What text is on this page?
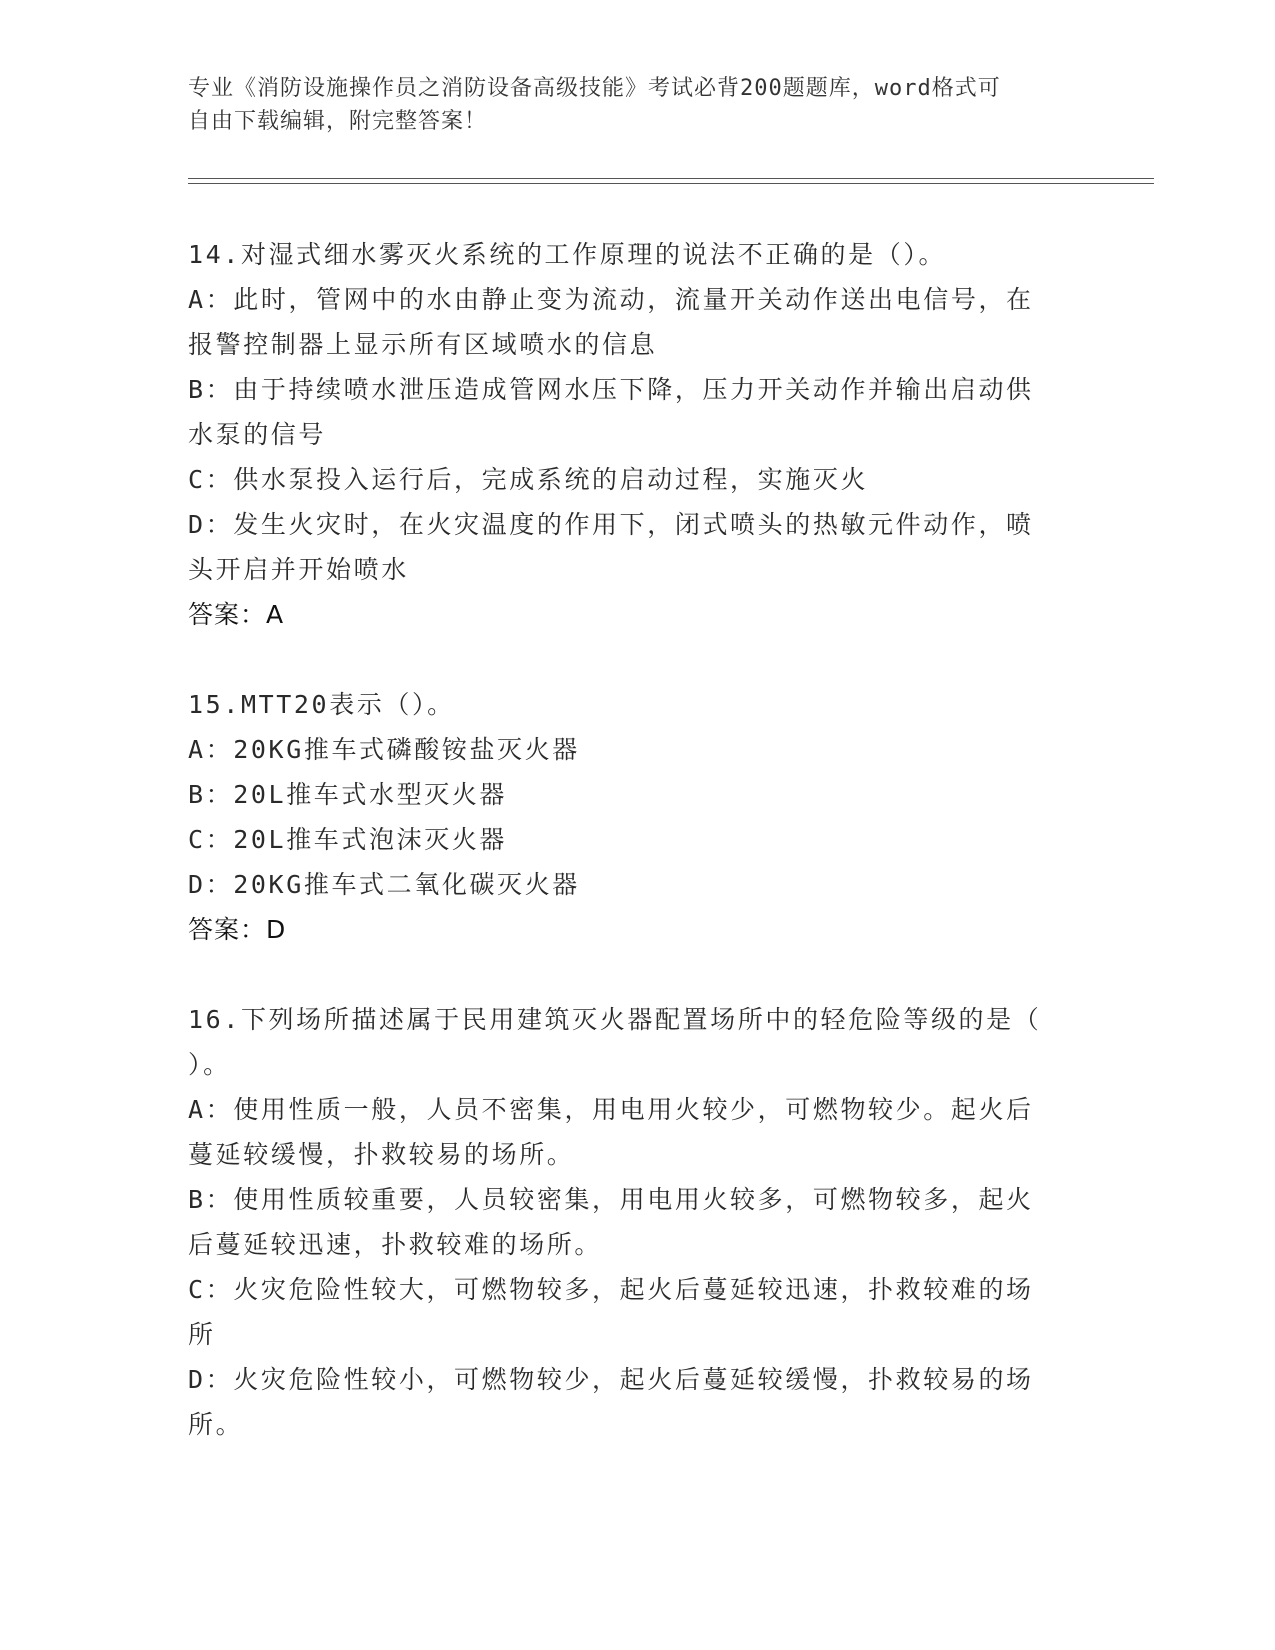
专业《消防设施操作员之消防设备高级技能》考试必背200题题库，word格式可
自由下载编辑，附完整答案！
14.对湿式细水雾灭火系统的工作原理的说法不正确的是（）。
A：此时，管网中的水由静止变为流动，流量开关动作送出电信号，在
报警控制器上显示所有区域喷水的信息
B：由于持续喷水泄压造成管网水压下降，压力开关动作并输出启动供
水泵的信号
C：供水泵投入运行后，完成系统的启动过程，实施灭火
D：发生火灾时，在火灾温度的作用下，闭式喷头的热敏元件动作，喷
头开启并开始喷水
答案：A
15.MTT20表示（）。
A：20KG推车式磷酸铵盐灭火器
B：20L推车式水型灭火器
C：20L推车式泡沫灭火器
D：20KG推车式二氧化碳灭火器
答案：D
16.下列场所描述属于民用建筑灭火器配置场所中的轻危险等级的是（
）。
A：使用性质一般，人员不密集，用电用火较少，可燃物较少。起火后
蔓延较缓慢，扑救较易的场所。
B：使用性质较重要，人员较密集，用电用火较多，可燃物较多，起火
后蔓延较迅速，扑救较难的场所。
C：火灾危险性较大，可燃物较多，起火后蔓延较迅速，扑救较难的场
所
D：火灾危险性较小，可燃物较少，起火后蔓延较缓慢，扑救较易的场
所。
